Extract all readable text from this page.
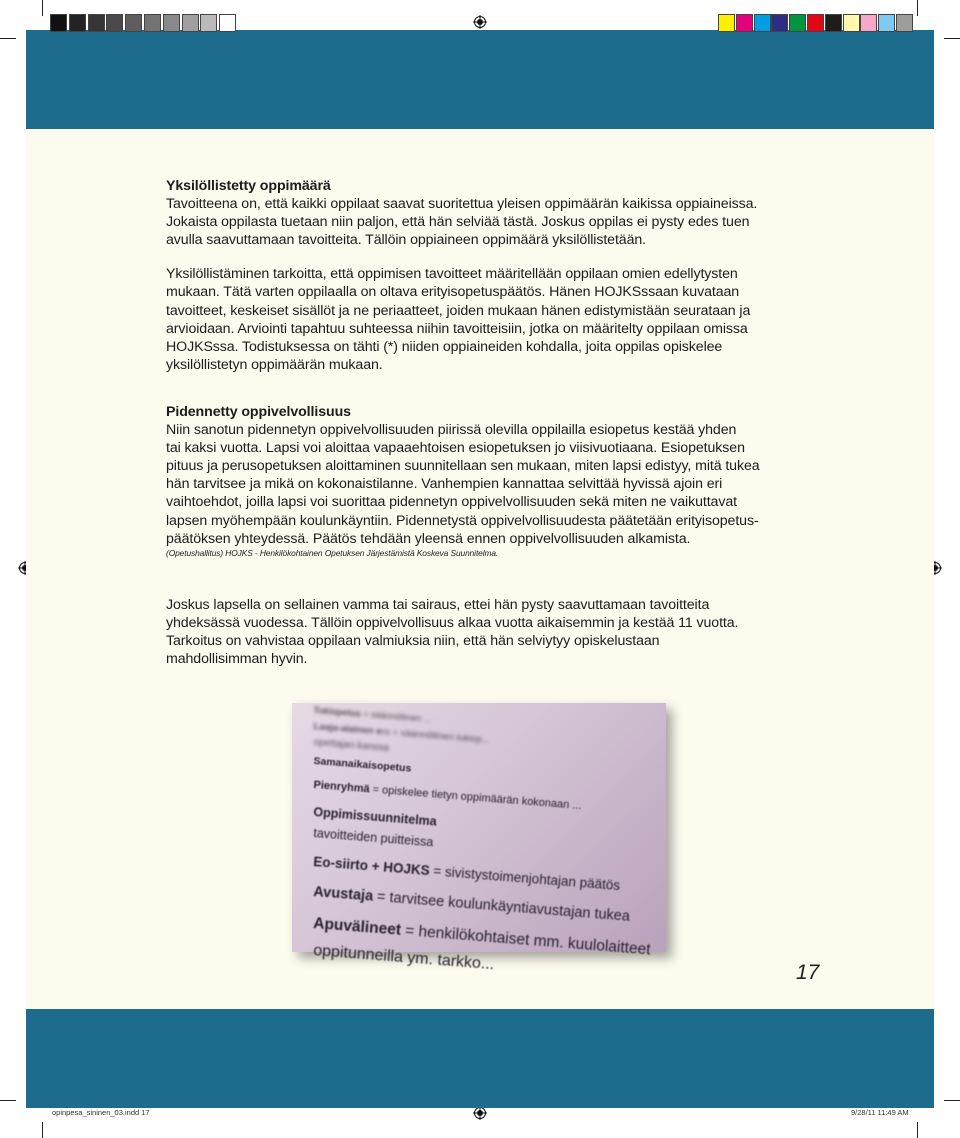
Yksilöllistetty oppimäärä

Tavoitteena on, että kaikki oppilaat saavat suoritettua yleisen oppimäärän kaikissa oppiaineissa.

Jokaista oppilasta tuetaan niin paljon, että hän selviää tästä. Joskus oppilas ei pysty edes tuen

avulla saavuttamaan tavoitteita. Tällöin oppiaineen oppimäärä yksilöllistetään.

Yksilöllistäminen tarkoitta, että oppimisen tavoitteet määritellään oppilaan omien edellytysten

mukaan. Tätä varten oppilaalla on oltava erityisopetuspäätös. Hänen HOJKSssaan kuvataan

tavoitteet, keskeiset sisällöt ja ne periaatteet, joiden mukaan hänen edistymistään seurataan ja

arvioidaan. Arviointi tapahtuu suhteessa niihin tavoitteisiin, jotka on määritelty oppilaan omissa

HOJKSssa. Todistuksessa on tähti (*) niiden oppiaineiden kohdalla, joita oppilas opiskelee

yksilöllistetyn oppimäärän mukaan.

Pidennetty oppivelvollisuus

Niin sanotun pidennetyn oppivelvollisuuden piirissä olevilla oppilailla esiopetus kestää yhden

tai kaksi vuotta. Lapsi voi aloittaa vapaaehtoisen esiopetuksen jo viisivuotiaana. Esiopetuksen

pituus ja perusopetuksen aloittaminen suunnitellaan sen mukaan, miten lapsi edistyy, mitä tukea

hän tarvitsee ja mikä on kokonaistilanne. Vanhempien kannattaa selvittää hyvissä ajoin eri

vaihtoehdot, joilla lapsi voi suorittaa pidennetyn oppivelvollisuuden sekä miten ne vaikuttavat

lapsen myöhempään koulunkäyntiin. Pidennetystä oppivelvollisuudesta päätetään erityisopetus-

päätöksen yhteydessä. Päätös tehdään yleensä ennen oppivelvollisuuden alkamista.

(Opetushallitus) HOJKS - Henkilökohtainen Opetuksen Järjestämistä Koskeva Suunnitelma.

Joskus lapsella on sellainen vamma tai sairaus, ettei hän pysty saavuttamaan tavoitteita

yhdeksässä vuodessa. Tällöin oppivelvollisuus alkaa vuotta aikaisemmin ja kestää 11 vuotta.

Tarkoitus on vahvistaa oppilaan valmiuksia niin, että hän selviytyy opiskelustaan

mahdollisimman hyvin.

Tukiopetus = säännöllinen ...
Laaja-alainen ero = säännöllinen tukiop...
opettajan kanssa
Samanaikaisopetus
Pienryhmä = opiskelee tietyn oppimäärän kokonaan ...
Oppimissuunnitelma
tavoitteiden puitteissa
Eo-siirto + HOJKS = sivistystoimenjohtajan päätös
Avustaja = tarvitsee koulunkäyntiavustajan tukea
Apuvälineet = henkilökohtaiset mm. kuulolaitteet
oppitunneilla ym. tarkko...	17
opinpesa_sininen_03.indd 17	9/28/11 11:49 AM
